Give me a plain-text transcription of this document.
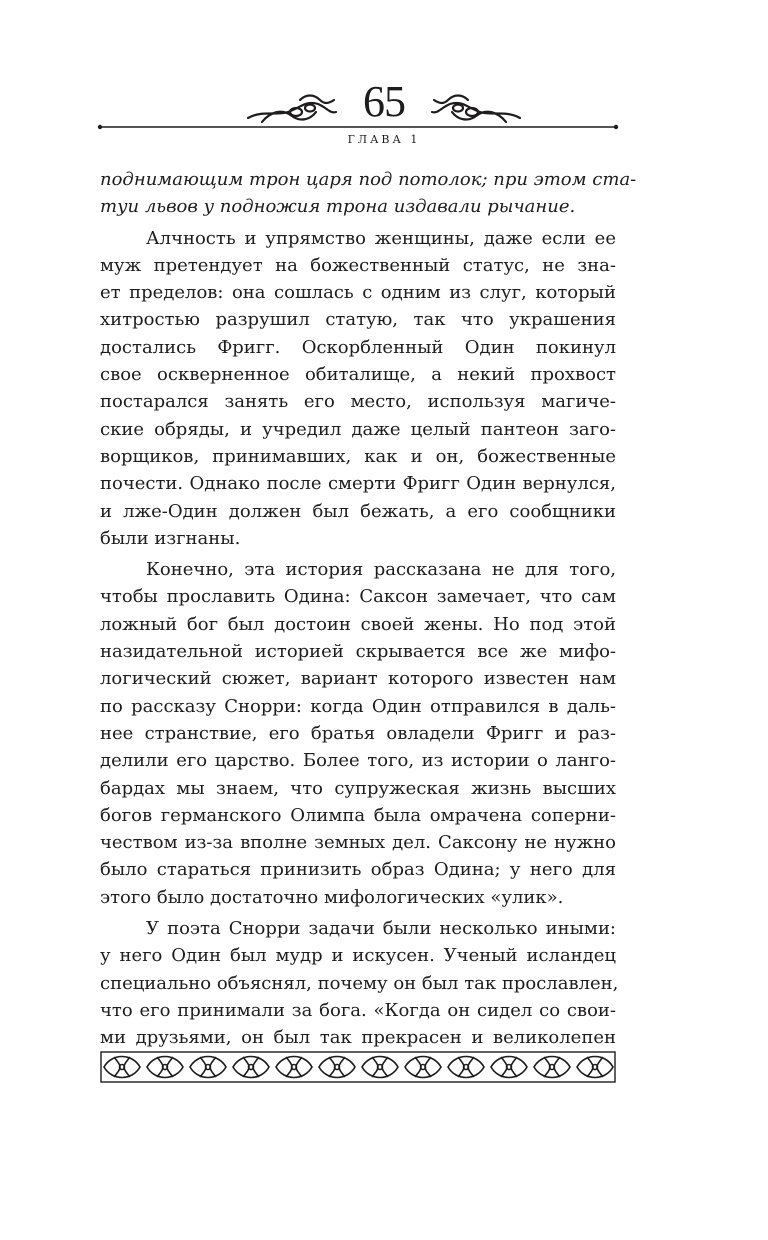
65
ГЛАВА 1
поднимающим трон царя под потолок; при этом ста-
туи львов у подножия трона издавали рычание.
Алчность и упрямство женщины, даже если ее
муж претендует на божественный статус, не зна-
ет пределов: она сошлась с одним из слуг, который
хитростью разрушил статую, так что украшения
достались Фригг. Оскорбленный Один покинул
свое оскверненное обиталище, а некий прохвост
постарался занять его место, используя магиче-
ские обряды, и учредил даже целый пантеон заго-
ворщиков, принимавших, как и он, божественные
почести. Однако после смерти Фригг Один вернулся,
и лже-Один должен был бежать, а его сообщники
были изгнаны.
Конечно, эта история рассказана не для того,
чтобы прославить Одина: Саксон замечает, что сам
ложный бог был достоин своей жены. Но под этой
назидательной историей скрывается все же мифо-
логический сюжет, вариант которого известен нам
по рассказу Снорри: когда Один отправился в даль-
нее странствие, его братья овладели Фригг и раз-
делили его царство. Более того, из истории о ланго-
бардах мы знаем, что супружеская жизнь высших
богов германского Олимпа была омрачена соперни-
чеством из-за вполне земных дел. Саксону не нужно
было стараться принизить образ Одина; у него для
этого было достаточно мифологических «улик».
У поэта Снорри задачи были несколько иными:
у него Один был мудр и искусен. Ученый исландец
специально объяснял, почему он был так прославлен,
что его принимали за бога. «Когда он сидел со свои-
ми друзьями, он был так прекрасен и великолепен
